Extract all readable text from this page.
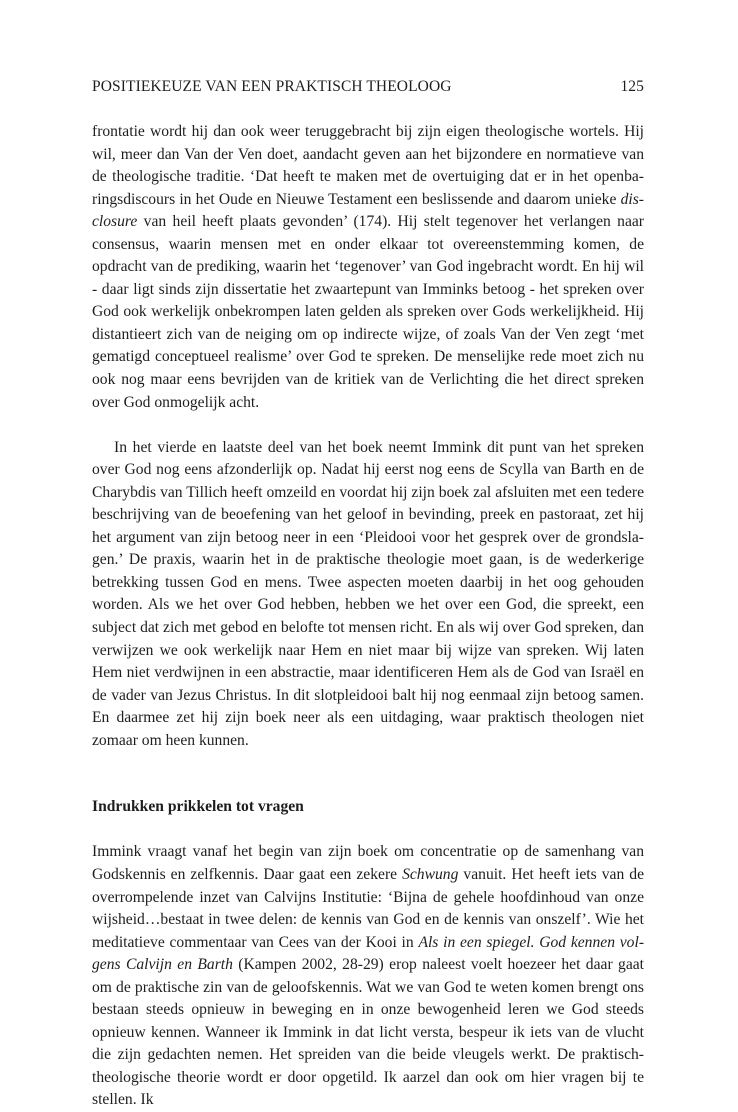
POSITIEKEUZE VAN EEN PRAKTISCH THEOLOOG	125

frontatie wordt hij dan ook weer teruggebracht bij zijn eigen theologische wortels. Hij wil, meer dan Van der Ven doet, aandacht geven aan het bijzondere en normatieve van de theologische traditie. ‘Dat heeft te maken met de overtuiging dat er in het openbaringsdiscours in het Oude en Nieuwe Testament een beslissende and daarom unieke disclosure van heil heeft plaats gevonden’ (174). Hij stelt tegenover het verlangen naar consensus, waarin mensen met en onder elkaar tot overeenstemming komen, de opdracht van de prediking, waarin het ‘tegenover’ van God ingebracht wordt. En hij wil - daar ligt sinds zijn dissertatie het zwaartepunt van Imminks betoog - het spreken over God ook werkelijk onbekrompen laten gelden als spreken over Gods werkelijkheid. Hij distantieert zich van de neiging om op indirecte wijze, of zoals Van der Ven zegt ‘met gematigd conceptueel realisme’ over God te spreken. De menselijke rede moet zich nu ook nog maar eens bevrijden van de kritiek van de Verlichting die het direct spreken over God onmogelijk acht.

In het vierde en laatste deel van het boek neemt Immink dit punt van het spreken over God nog eens afzonderlijk op. Nadat hij eerst nog eens de Scylla van Barth en de Charybdis van Tillich heeft omzeild en voordat hij zijn boek zal afsluiten met een tedere beschrijving van de beoefening van het geloof in bevinding, preek en pastoraat, zet hij het argument van zijn betoog neer in een ‘Pleidooi voor het gesprek over de grondslagen.’ De praxis, waarin het in de praktische theologie moet gaan, is de wederkerige betrekking tussen God en mens. Twee aspecten moeten daarbij in het oog gehouden worden. Als we het over God hebben, hebben we het over een God, die spreekt, een subject dat zich met gebod en belofte tot mensen richt. En als wij over God spreken, dan verwijzen we ook werkelijk naar Hem en niet maar bij wijze van spreken. Wij laten Hem niet verdwijnen in een abstractie, maar identificeren Hem als de God van Israël en de vader van Jezus Christus. In dit slotpleidooi balt hij nog eenmaal zijn betoog samen. En daarmee zet hij zijn boek neer als een uitdaging, waar praktisch theologen niet zomaar om heen kunnen.

Indrukken prikkelen tot vragen

Immink vraagt vanaf het begin van zijn boek om concentratie op de samenhang van Godskennis en zelfkennis. Daar gaat een zekere Schwung vanuit. Het heeft iets van de overrompelende inzet van Calvijns Institutie: ‘Bijna de gehele hoofdinhoud van onze wijsheid…bestaat in twee delen: de kennis van God en de kennis van onszelf’. Wie het meditatieve commentaar van Cees van der Kooi in Als in een spiegel. God kennen volgens Calvijn en Barth (Kampen 2002, 28-29) erop naleest voelt hoezeer het daar gaat om de praktische zin van de geloofskennis. Wat we van God te weten komen brengt ons bestaan steeds opnieuw in beweging en in onze bewogenheid leren we God steeds opnieuw kennen. Wanneer ik Immink in dat licht versta, bespeur ik iets van de vlucht die zijn gedachten nemen. Het spreiden van die beide vleugels werkt. De praktisch-theologische theorie wordt er door opgetild. Ik aarzel dan ook om hier vragen bij te stellen. Ik
